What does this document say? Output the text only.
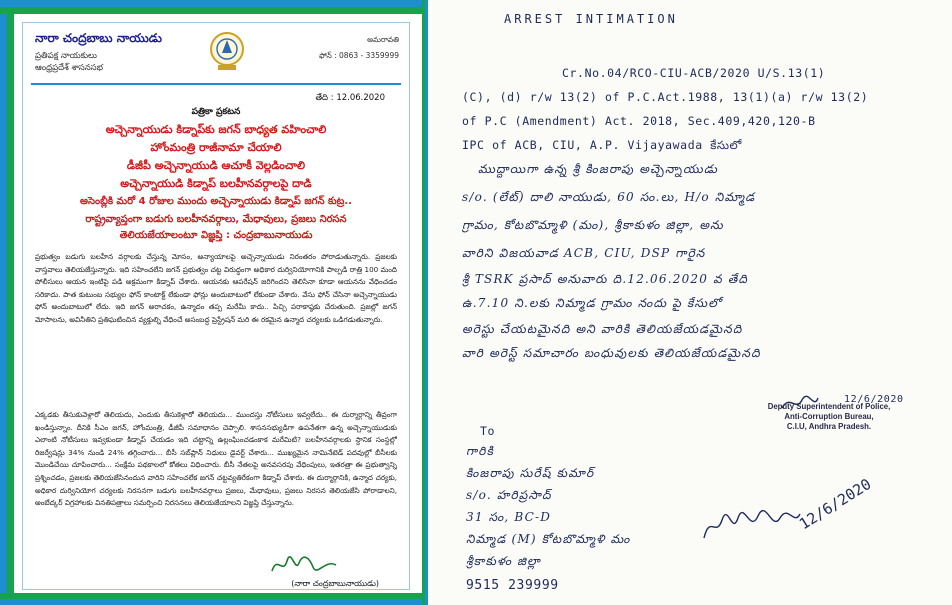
నారా చంద్రబాబు నాయుడు
ప్రతిపక్ష నాయకులు
ఆంధ్రప్రదేశ్ శాసనసభ
అమరావతి
ఫోన్ : 0863 - 3359999
తేది : 12.06.2020
పత్రికా ప్రకటన
అచ్చెన్నాయుడు కిడ్నాప్‌కు జగన్ బాధ్యత వహించాలి
హోంమంత్రి రాజీనామా చేయాలి
డీజీపీ అచ్చెన్నాయుడి ఆచూకీ వెల్లడించాలి
అచ్చెన్నాయుడి కిడ్నాప్ బలహీనవర్గాలపై దాడి
అసెంబ్లీకి మరో 4 రోజుల ముందు అచ్చెన్నాయుడు కిడ్నాప్ జగన్ కుట్ర..
రాష్ట్రవ్యాప్తంగా బడుగు బలహీనవర్గాలు, మేధావులు, ప్రజలు నిరసన
తెలియజేయాలంటూ విజ్ఞప్తి : చంద్రబాబునాయుడు
ప్రభుత్వం బడుగు బలహీన వర్గాలకు చేస్తున్న మోసం, అన్యాయాలపై అచ్చెన్నాయుడు నిరంతరం పోరాడుతున్నారు. ప్రజలకు వాస్తవాలు తెలియజేస్తున్నారు. ఇది సహించలేని జగన్ ప్రభుత్వం చట్ట విరుద్ధంగా అధికార దుర్వినియోగానికి పాల్పడి రాత్రి 100 మంది పోలీసులు ఆయన ఇంటిపై పడి అక్రమంగా కిడ్నాప్ చేశారు. ఆయనకు ఆపరేషన్ జరిగిందని తెలిసినా కూడా ఆయనను వేధించడం సరికాదు. పాత కుటుంబ సభ్యుల ఫోన్ కాంటాక్ట్ లేకుండా ఫోన్లు అందుబాటులో లేకుండా చేశారు. వేసు ఫోన్ చేసినా అచ్చెన్నాయుడు ఫోన్ అందుబాటులో లేదు. ఇది జగన్ అరాచకం, ఉన్మాదం తప్ప మరేమీ కాదు.. పిచ్చి పరాకాష్ఠకు చేరుతుంది. ప్రజల్లో జగన్ మోసాలను, అవినీతిని ప్రతిఘటించిన వ్యక్తుల్ని వేధించే అసంబద్ధ ప్రెస్ట్రేషన్ మరి ఈ రకమైన ఉన్మాద చర్యలకు ఒడిగడుతున్నారు.
ఎక్కడకు తీసుకువెళ్లారో తెలియదు, ఎందుకు తీసుకెళ్లారో తెలియదు... ముందస్తు నోటీసులు ఇవ్వలేదు.. ఈ దుర్మార్గాన్ని తీవ్రంగా ఖండిస్తున్నాం. దీనికి సీఎం జగన్, హోంమంత్రి, డీజీపీ సమాధానం చెప్పాలి. శాసనసభ్యుడిగా ఉపనేతగా ఉన్న అచ్చెన్నాయుడుకు ఎలాంటి నోటీసులు ఇవ్వకుండా కిడ్నాప్ చేయడం ఇది చట్టాన్ని ఉల్లంఘించడంకాక మరేమిటి? బలహీనవర్గాలకు స్థానిక సంస్థల్లో రిజర్వేషన్లు 34% నుండి 24% తగ్గించారు... బీసీ సబ్‌ప్లాన్ నిధులు డైవర్ట్ చేశారు... ముఖ్యమైన నామినేటెడ్ పదవుల్లో బీసీలకు మొండిచేయి చూపించారు... సంక్షేమ పథకాలలో కోతలు విధించారు. బీసీ నేతలపై అనవసరపు వేధింపులు, ఇతరత్రా ఈ ప్రభుత్వాన్ని ప్రశ్నించడం, ప్రజలకు తెలియజేసినందున వారిని సహించలేక జగన్ చట్టవ్యతిరేకంగా కిడ్నాప్ చేశారు. ఈ దుర్మార్గానికి, ఉన్మాద చర్యకు, అధికార దుర్వినియోగ చర్యలకు నిరసనగా బడుగు బలహీనవర్గాలు ప్రజలు, మేధావులు, ప్రజలు నిరసన తెలియజేసి పోరాడాలని, అంబేద్కర్ విగ్రహాలకు వినతిపత్రాలు సమర్పించి నిరసనలు తెలియజేయాలని విజ్ఞప్తి చేస్తున్నాను.
(నారా చంద్రబాబునాయుడు)
ARREST INTIMATION
Cr.No.04/RCO-CIU-ACB/2020 U/S.13(1)
(C), (d) r/w 13(2) of P.C.Act.1988, 13(1)(a) r/w 13(2)
of P.C (Amendment) Act. 2018, Sec.409,420,120-B
IPC of ACB, CIU, A.P. Vijayawada కేసులో
ముద్దాయిగా ఉన్న శ్రీ కింజరాపు అచ్చెన్నాయుడు
s/o. (లేట్) దాలి నాయుడు, 60 సం.లు, H/o నిమ్మాడ
గ్రామం, కోటబొమ్మాళి (మం), శ్రీకాకుళం జిల్లా, అను
వారిని విజయవాడ ACB, CIU, DSP గారైన
శ్రీ TSRK ప్రసాద్ అనువారు ది.12.06.2020 వ తేది
ఉ.7.10 ని.లకు నిమ్మాడ గ్రామం నందు పై కేసులో
అరెస్టు చేయటమైనది అని వారికి తెలియజేయడమైనది
వారి అరెస్ట్ సమాచారం బంధువులకు తెలియజేయడమైనది
12/6/2020
Deputy Superintendent of Police,
Anti-Corruption Bureau,
C.I.U, Andhra Pradesh.
To
గారికి
కింజరాపు సురేష్ కుమార్
s/o. హరిప్రసాద్
31 సం, BC-D
నిమ్మాడ (M) కోటబొమ్మాళి మం
శ్రీకాకుళం జిల్లా
9515 239999
12/6/2020
